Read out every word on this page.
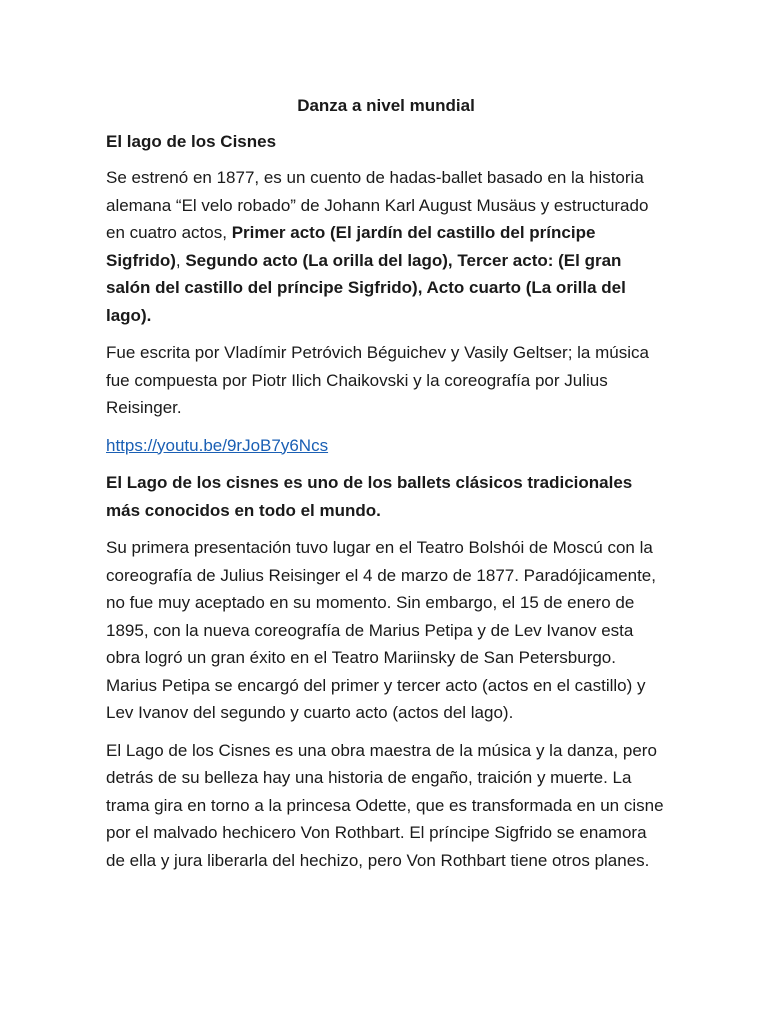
Danza a nivel mundial
El lago de los Cisnes

Se estrenó en 1877, es un cuento de hadas-ballet basado en la historia alemana “El velo robado” de Johann Karl August Musäus y estructurado en cuatro actos, Primer acto (El jardín del castillo del príncipe Sigfrido), Segundo acto (La orilla del lago), Tercer acto: (El gran salón del castillo del príncipe Sigfrido), Acto cuarto (La orilla del lago).

Fue escrita por Vladímir Petróvich Béguichev y Vasily Geltser; la música fue compuesta por Piotr Ilich Chaikovski y la coreografía por Julius Reisinger.

https://youtu.be/9rJoB7y6Ncs

El Lago de los cisnes es uno de los ballets clásicos tradicionales más conocidos en todo el mundo.

Su primera presentación tuvo lugar en el Teatro Bolshói de Moscú con la coreografía de Julius Reisinger el 4 de marzo de 1877. Paradójicamente, no fue muy aceptado en su momento. Sin embargo, el 15 de enero de 1895, con la nueva coreografía de Marius Petipa y de Lev Ivanov esta obra logró un gran éxito en el Teatro Mariinsky de San Petersburgo. Marius Petipa se encargó del primer y tercer acto (actos en el castillo) y Lev Ivanov del segundo y cuarto acto (actos del lago).

El Lago de los Cisnes es una obra maestra de la música y la danza, pero detrás de su belleza hay una historia de engaño, traición y muerte. La trama gira en torno a la princesa Odette, que es transformada en un cisne por el malvado hechicero Von Rothbart. El príncipe Sigfrido se enamora de ella y jura liberarla del hechizo, pero Von Rothbart tiene otros planes.
